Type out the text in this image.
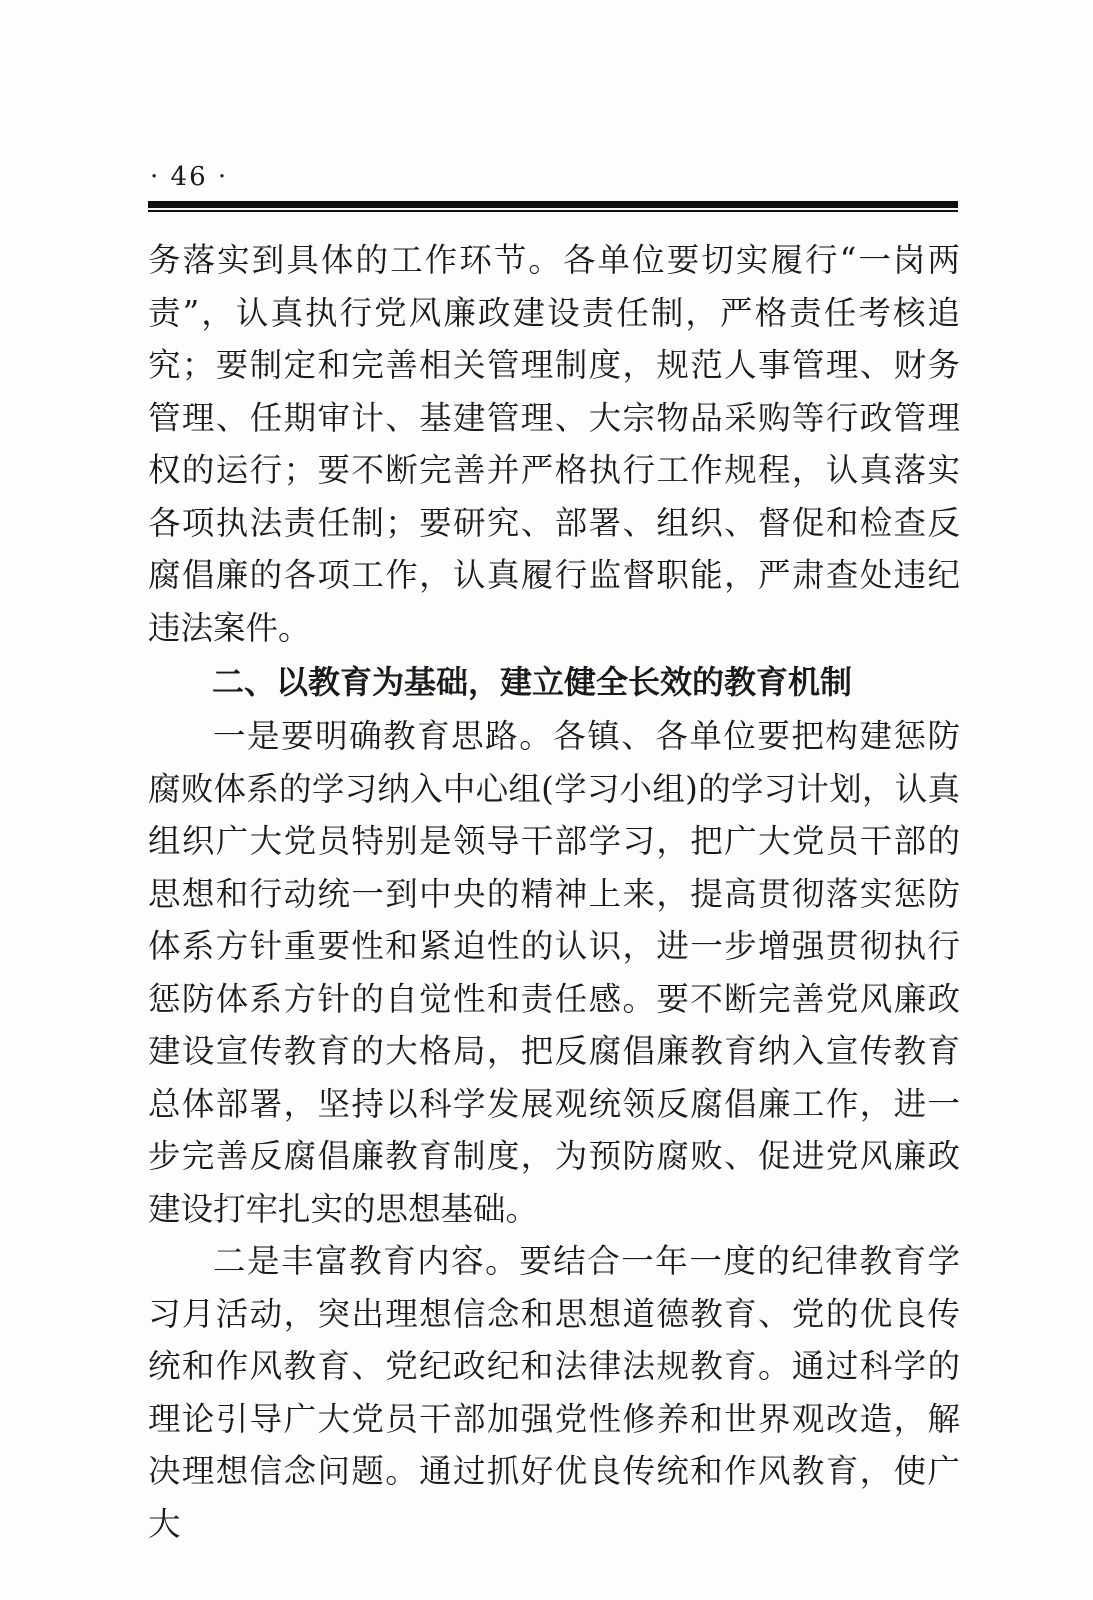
· 46 ·

务落实到具体的工作环节。各单位要切实履行“一岗两责”，认真执行党风廉政建设责任制，严格责任考核追究；要制定和完善相关管理制度，规范人事管理、财务管理、任期审计、基建管理、大宗物品采购等行政管理权的运行；要不断完善并严格执行工作规程，认真落实各项执法责任制；要研究、部署、组织、督促和检查反腐倡廉的各项工作，认真履行监督职能，严肃查处违纪违法案件。

二、以教育为基础，建立健全长效的教育机制

一是要明确教育思路。各镇、各单位要把构建惩防腐败体系的学习纳入中心组(学习小组)的学习计划，认真组织广大党员特别是领导干部学习，把广大党员干部的思想和行动统一到中央的精神上来，提高贯彻落实惩防体系方针重要性和紧迫性的认识，进一步增强贯彻执行惩防体系方针的自觉性和责任感。要不断完善党风廉政建设宣传教育的大格局，把反腐倡廉教育纳入宣传教育总体部署，坚持以科学发展观统领反腐倡廉工作，进一步完善反腐倡廉教育制度，为预防腐败、促进党风廉政建设打牢扎实的思想基础。

二是丰富教育内容。要结合一年一度的纪律教育学习月活动，突出理想信念和思想道德教育、党的优良传统和作风教育、党纪政纪和法律法规教育。通过科学的理论引导广大党员干部加强党性修养和世界观改造，解决理想信念问题。通过抓好优良传统和作风教育，使广大
